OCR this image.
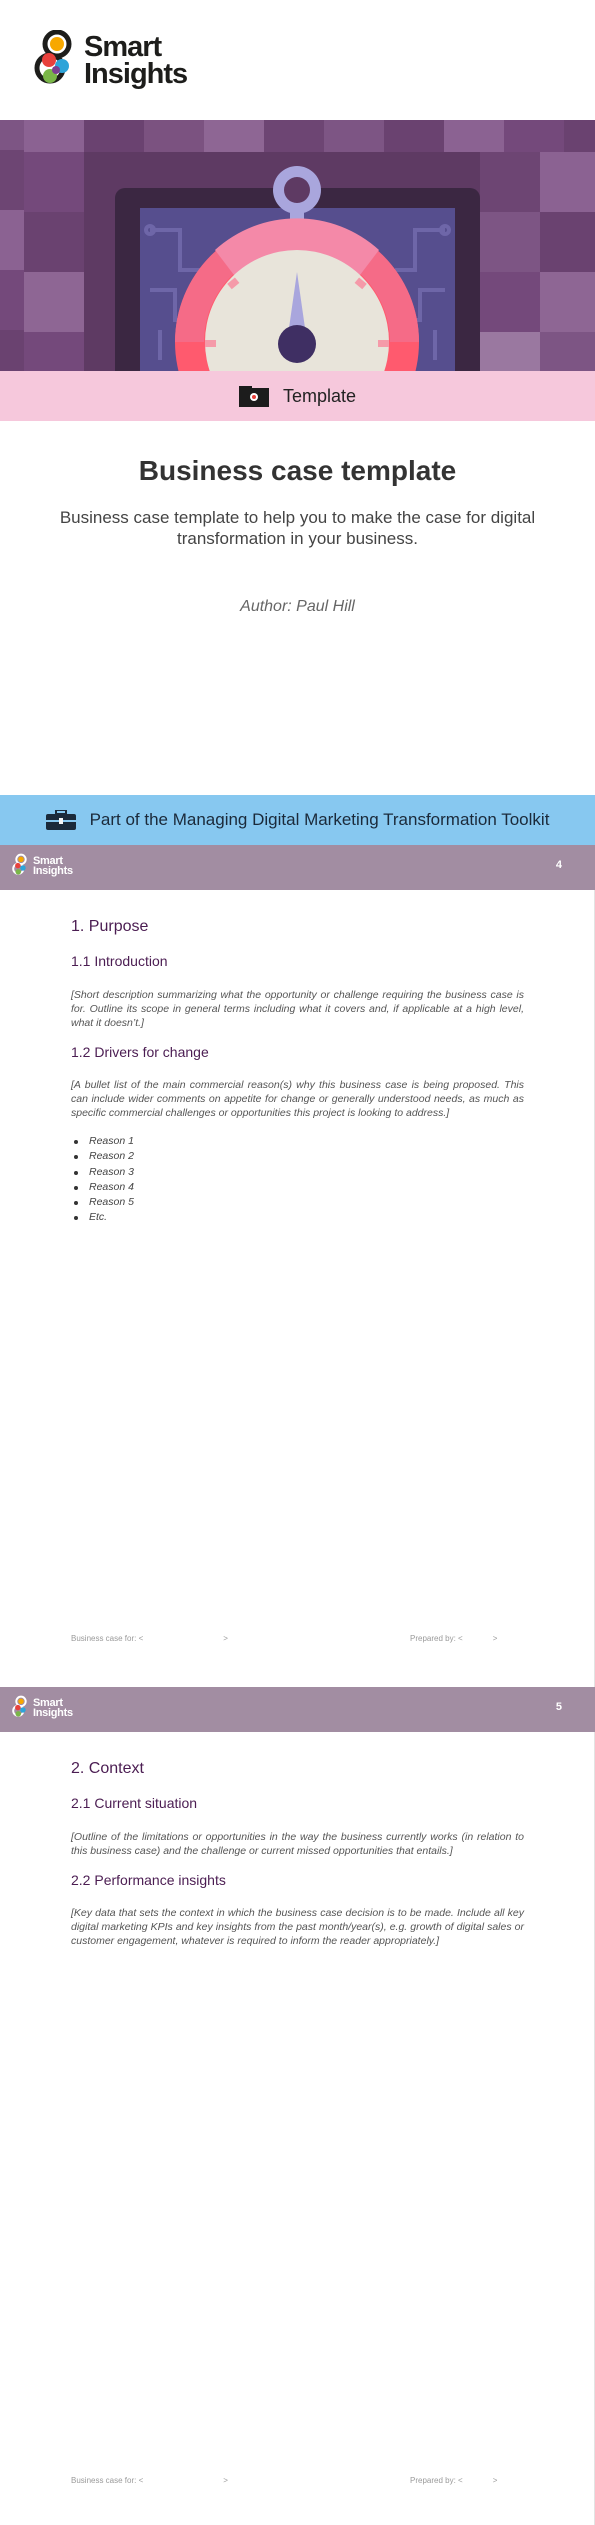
Smart
Insights
Template
Business case template

Business case template to help you to make the case for digital transformation in your business.

Author: Paul Hill

Part of the Managing Digital Marketing Transformation Toolkit
Smart
Insights	4
1. Purpose
1.1 Introduction

[Short description summarizing what the opportunity or challenge requiring the business case is for. Outline its scope in general terms including what it covers and, if applicable at a high level, what it doesn’t.]

1.2 Drivers for change

[A bullet list of the main commercial reason(s) why this business case is being proposed. This can include wider comments on appetite for change or generally understood needs, as much as specific commercial challenges or opportunities this project is looking to address.]

Reason 1
Reason 2
Reason 3
Reason 4
Reason 5
Etc.
Business case for: <	>	Prepared by: <	>
Smart
Insights	5
2. Context
2.1 Current situation

[Outline of the limitations or opportunities in the way the business currently works (in relation to this business case) and the challenge or current missed opportunities that entails.]

2.2 Performance insights

[Key data that sets the context in which the business case decision is to be made. Include all key digital marketing KPIs and key insights from the past month/year(s), e.g. growth of digital sales or customer engagement, whatever is required to inform the reader appropriately.]

Business case for: <	>	Prepared by: <	>
